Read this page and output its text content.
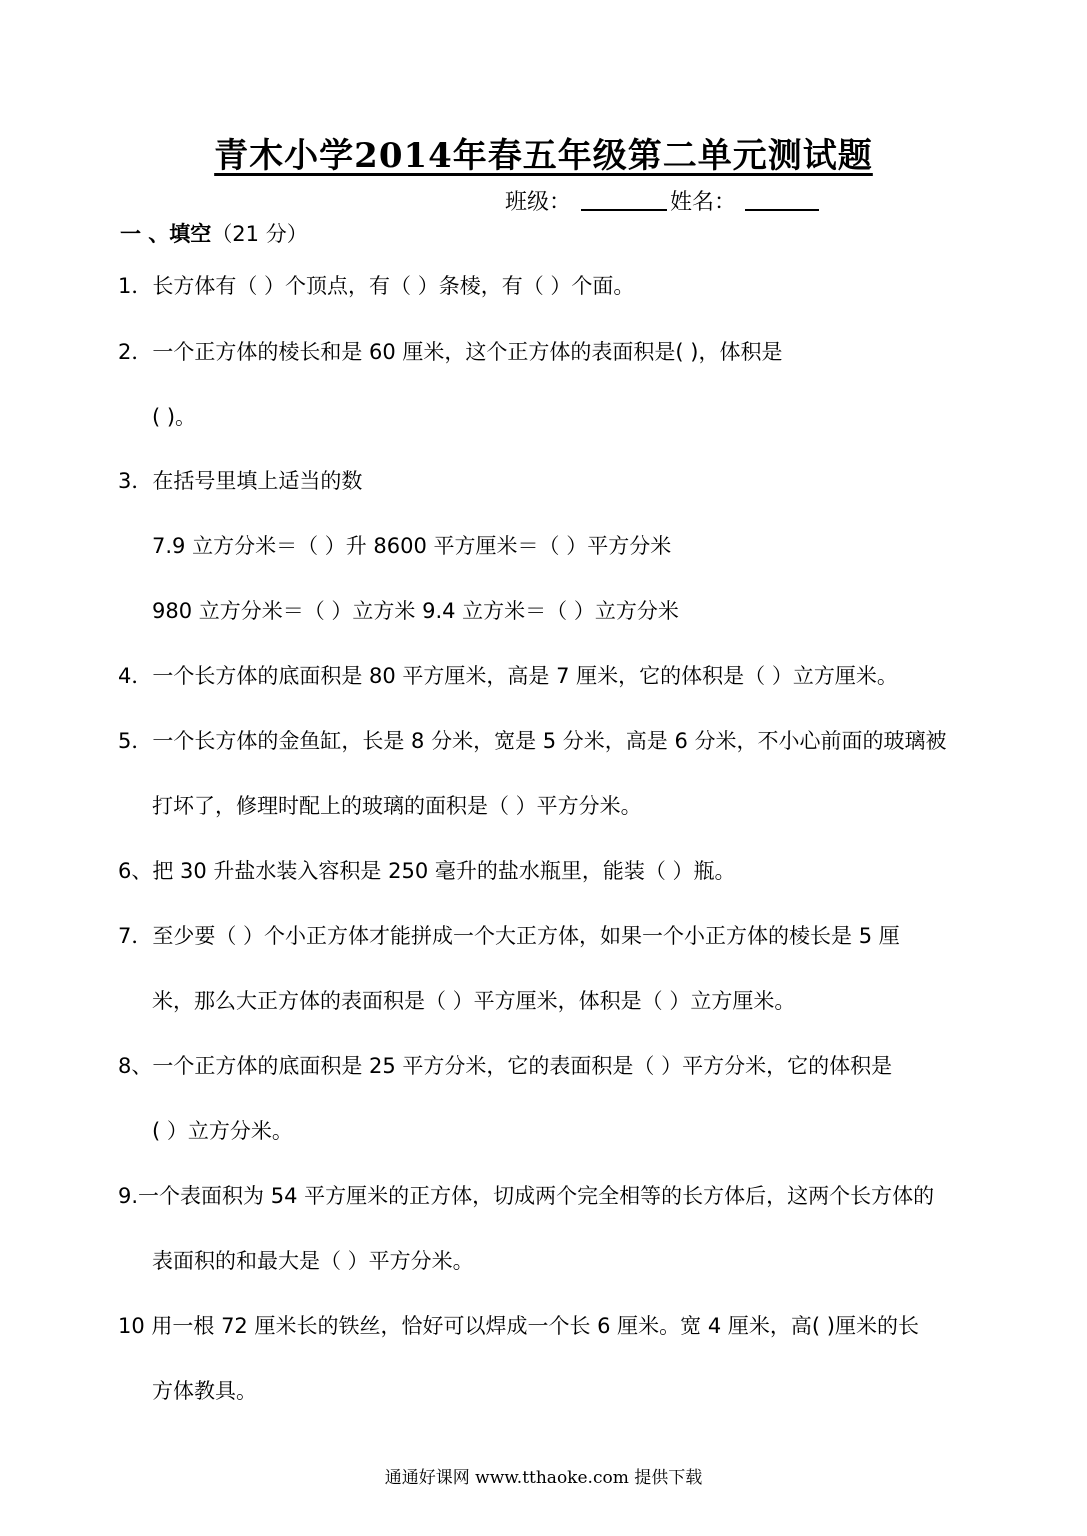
青木小学2014年春五年级第二单元测试题
班级：	姓名：
一 、填空（21 分）
1．长方体有（ ）个顶点，有（ ）条棱，有（ ）个面。
2．一个正方体的棱长和是 60 厘米，这个正方体的表面积是( )，体积是
( )。
3．在括号里填上适当的数
7.9 立方分米＝（ ）升 8600 平方厘米＝（ ）平方分米
980 立方分米＝（ ）立方米 9.4 立方米＝（ ）立方分米
4．一个长方体的底面积是 80 平方厘米，高是 7 厘米，它的体积是（ ）立方厘米。
5．一个长方体的金鱼缸，长是 8 分米，宽是 5 分米，高是 6 分米，不小心前面的玻璃被
打坏了，修理时配上的玻璃的面积是（ ）平方分米。
6、把 30 升盐水装入容积是 250 毫升的盐水瓶里，能装（ ）瓶。
7．至少要（ ）个小正方体才能拼成一个大正方体，如果一个小正方体的棱长是 5 厘
米，那么大正方体的表面积是（ ）平方厘米，体积是（ ）立方厘米。
8、一个正方体的底面积是 25 平方分米，它的表面积是（ ）平方分米，它的体积是
( ）立方分米。
9.一个表面积为 54 平方厘米的正方体，切成两个完全相等的长方体后，这两个长方体的
表面积的和最大是（ ）平方分米。
10 用一根 72 厘米长的铁丝，恰好可以焊成一个长 6 厘米。宽 4 厘米，高( )厘米的长
方体教具。
通通好课网 www.tthaoke.com 提供下载
